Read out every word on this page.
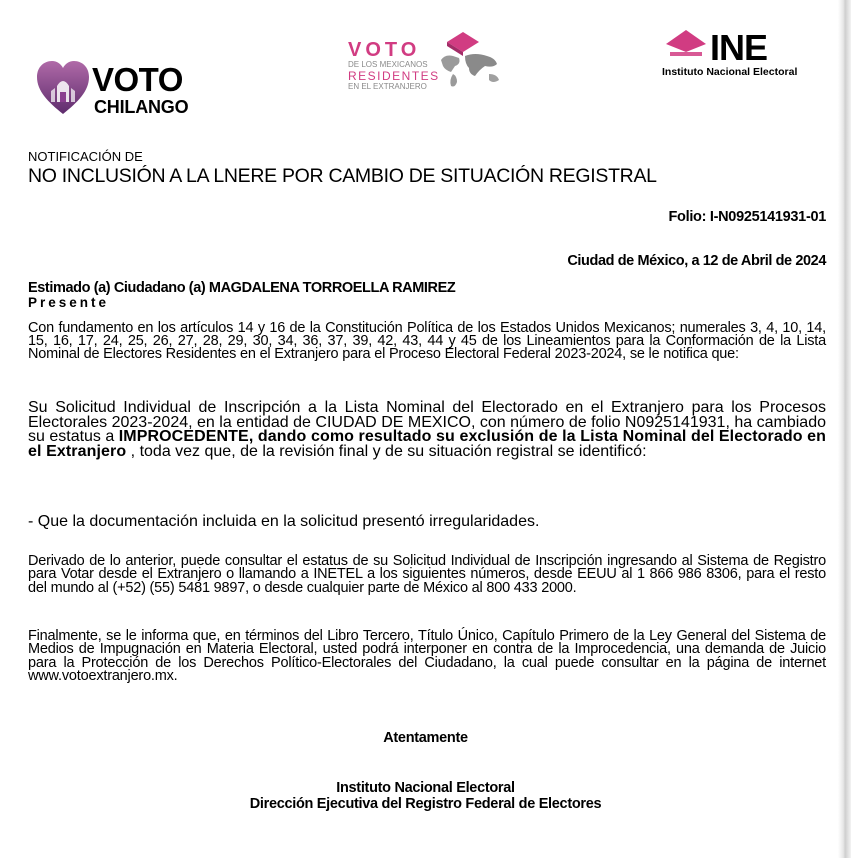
VOTO
CHILANGO
VOTO
DE LOS MEXICANOS
RESIDENTES
EN EL EXTRANJERO
INE
Instituto Nacional Electoral
NOTIFICACIÓN DE
NO INCLUSIÓN A LA LNERE POR CAMBIO DE SITUACIÓN REGISTRAL
Folio: I-N0925141931-01
Ciudad de México, a 12 de Abril de 2024
Estimado (a) Ciudadano (a) MAGDALENA TORROELLA RAMIREZ
Presente
Con fundamento en los artículos 14 y 16 de la Constitución Política de los Estados Unidos Mexicanos; numerales 3, 4, 10, 14, 15, 16, 17, 24, 25, 26, 27, 28, 29, 30, 34, 36, 37, 39, 42, 43, 44 y 45 de los Lineamientos para la Conformación de la Lista Nominal de Electores Residentes en el Extranjero para el Proceso Electoral Federal 2023-2024, se le notifica que:
Su Solicitud Individual de Inscripción a la Lista Nominal del Electorado en el Extranjero para los Procesos Electorales 2023-2024, en la entidad de CIUDAD DE MEXICO, con número de folio N0925141931, ha cambiado su estatus a IMPROCEDENTE, dando como resultado su exclusión de la Lista Nominal del Electorado en el Extranjero , toda vez que, de la revisión final y de su situación registral se identificó:
- Que la documentación incluida en la solicitud presentó irregularidades.
Derivado de lo anterior, puede consultar el estatus de su Solicitud Individual de Inscripción ingresando al Sistema de Registro para Votar desde el Extranjero o llamando a INETEL a los siguientes números, desde EEUU al 1 866 986 8306, para el resto del mundo al (+52) (55) 5481 9897, o desde cualquier parte de México al 800 433 2000.
Finalmente, se le informa que, en términos del Libro Tercero, Título Único, Capítulo Primero de la Ley General del Sistema de Medios de Impugnación en Materia Electoral, usted podrá interponer en contra de la Improcedencia, una demanda de Juicio para la Protección de los Derechos Político-Electorales del Ciudadano, la cual puede consultar en la página de internet www.votoextranjero.mx.
Atentamente
Instituto Nacional Electoral
Dirección Ejecutiva del Registro Federal de Electores
